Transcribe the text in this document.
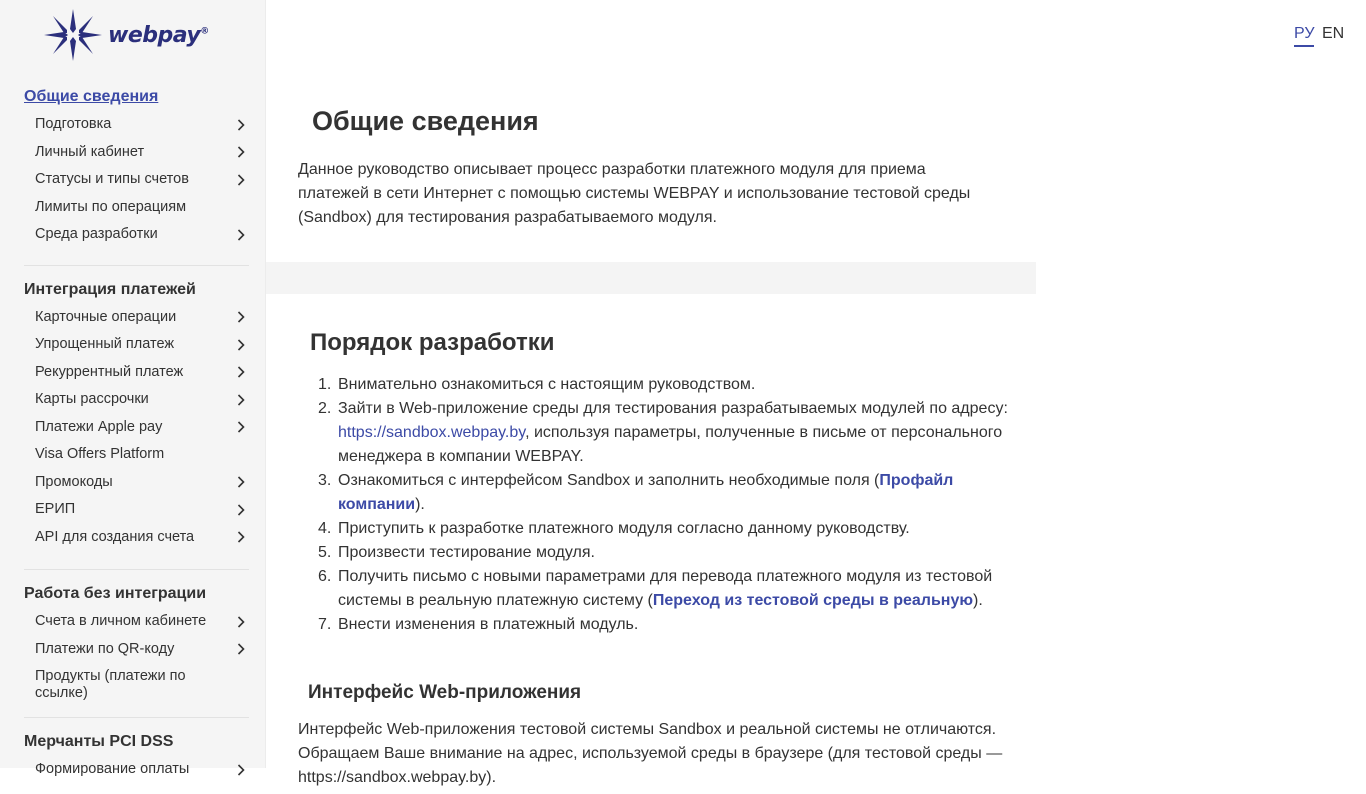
webpay®
Общие сведения
Подготовка
Личный кабинет
Статусы и типы счетов
Лимиты по операциям
Среда разработки
Интеграция платежей
Карточные операции
Упрощенный платеж
Рекуррентный платеж
Карты рассрочки
Платежи Apple pay
Visa Offers Platform
Промокоды
ЕРИП
API для создания счета
Работа без интеграции
Счета в личном кабинете
Платежи по QR-коду
Продукты (платежи по ссылке)
Мерчанты PCI DSS
Формирование оплаты
РУ EN
Общие сведения

Данное руководство описывает процесс разработки платежного модуля для приема платежей в сети Интернет с помощью системы WEBPAY и использование тестовой среды (Sandbox) для тестирования разрабатываемого модуля.

Порядок разработки
Внимательно ознакомиться с настоящим руководством.
Зайти в Web-приложение среды для тестирования разрабатываемых модулей по адресу: https://sandbox.webpay.by, используя параметры, полученные в письме от персонального менеджера в компании WEBPAY.
Ознакомиться с интерфейсом Sandbox и заполнить необходимые поля (Профайл компании).
Приступить к разработке платежного модуля согласно данному руководству.
Произвести тестирование модуля.
Получить письмо с новыми параметрами для перевода платежного модуля из тестовой системы в реальную платежную систему (Переход из тестовой среды в реальную).
Внести изменения в платежный модуль.
Интерфейс Web-приложения

Интерфейс Web-приложения тестовой системы Sandbox и реальной системы не отличаются. Обращаем Ваше внимание на адрес, используемой среды в браузере (для тестовой среды — https://sandbox.webpay.by).
